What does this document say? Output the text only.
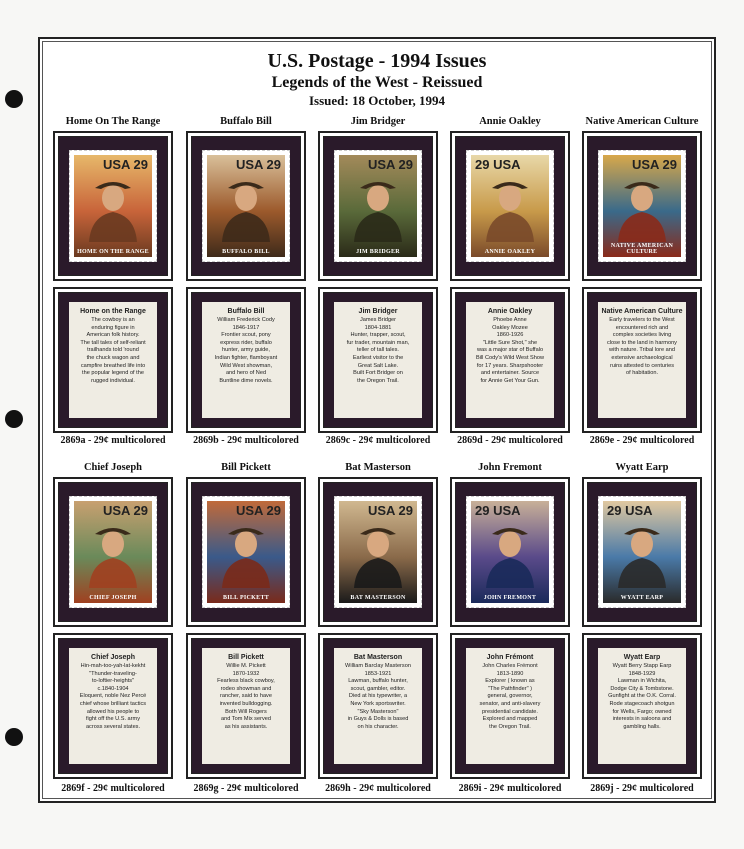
U.S. Postage - 1994 Issues
Legends of the West - Reissued
Issued: 18 October, 1994
Home On The Range
USA 29
HOME ON THE RANGE
Home on the Range
The cowboy is an
enduring figure in
American folk history.
The tall tales of self-reliant
trailhands told 'round
the chuck wagon and
campfire breathed life into
the popular legend of the
rugged individual.
2869a - 29¢ multicolored
Buffalo Bill
USA 29
BUFFALO BILL
Buffalo Bill
William Frederick Cody
1846-1917
Frontier scout, pony
express rider, buffalo
hunter, army guide,
Indian fighter, flamboyant
Wild West showman,
and hero of Ned
Buntline dime novels.
2869b - 29¢ multicolored
Jim Bridger
USA 29
JIM BRIDGER
Jim Bridger
James Bridger
1804-1881
Hunter, trapper, scout,
fur trader, mountain man,
teller of tall tales.
Earliest visitor to the
Great Salt Lake.
Built Fort Bridger on
the Oregon Trail.
2869c - 29¢ multicolored
Annie Oakley
29 USA
ANNIE OAKLEY
Annie Oakley
Phoebe Anne
Oakley Mozee
1860-1926
"Little Sure Shot," she
was a major star of Buffalo
Bill Cody's Wild West Show
for 17 years. Sharpshooter
and entertainer. Source
for Annie Get Your Gun.
2869d - 29¢ multicolored
Native American Culture
USA 29
NATIVE AMERICAN CULTURE
Native American Culture
Early travelers to the West
encountered rich and
complex societies living
close to the land in harmony
with nature. Tribal lore and
extensive archaeological
ruins attested to centuries
of habitation.
2869e - 29¢ multicolored
Chief Joseph
USA 29
CHIEF JOSEPH
Chief Joseph
Hin-mah-too-yah-lat-kekht
"Thunder-traveling-
to-loftier-heights"
c.1840-1904
Eloquent, noble Nez Percé
chief whose brilliant tactics
allowed his people to
fight off the U.S. army
across several states.
2869f - 29¢ multicolored
Bill Pickett
USA 29
BILL PICKETT
Bill Pickett
Willie M. Pickett
1870-1932
Fearless black cowboy,
rodeo showman and
rancher, said to have
invented bulldogging.
Both Will Rogers
and Tom Mix served
as his assistants.
2869g - 29¢ multicolored
Bat Masterson
USA 29
BAT MASTERSON
Bat Masterson
William Barclay Masterson
1853-1921
Lawman, buffalo hunter,
scout, gambler, editor.
Died at his typewriter, a
New York sportswriter.
"Sky Masterson"
in Guys & Dolls is based
on his character.
2869h - 29¢ multicolored
John Fremont
29 USA
JOHN FREMONT
John Frémont
John Charles Frémont
1813-1890
Explorer ( known as
"The Pathfinder" )
general, governor,
senator, and anti-slavery
presidential candidate.
Explored and mapped
the Oregon Trail.
2869i - 29¢ multicolored
Wyatt Earp
29 USA
WYATT EARP
Wyatt Earp
Wyatt Berry Stapp Earp
1848-1929
Lawman in Wichita,
Dodge City & Tombstone.
Gunfight at the O.K. Corral.
Rode stagecoach shotgun
for Wells, Fargo; owned
interests in saloons and
gambling halls.
2869j - 29¢ multicolored
